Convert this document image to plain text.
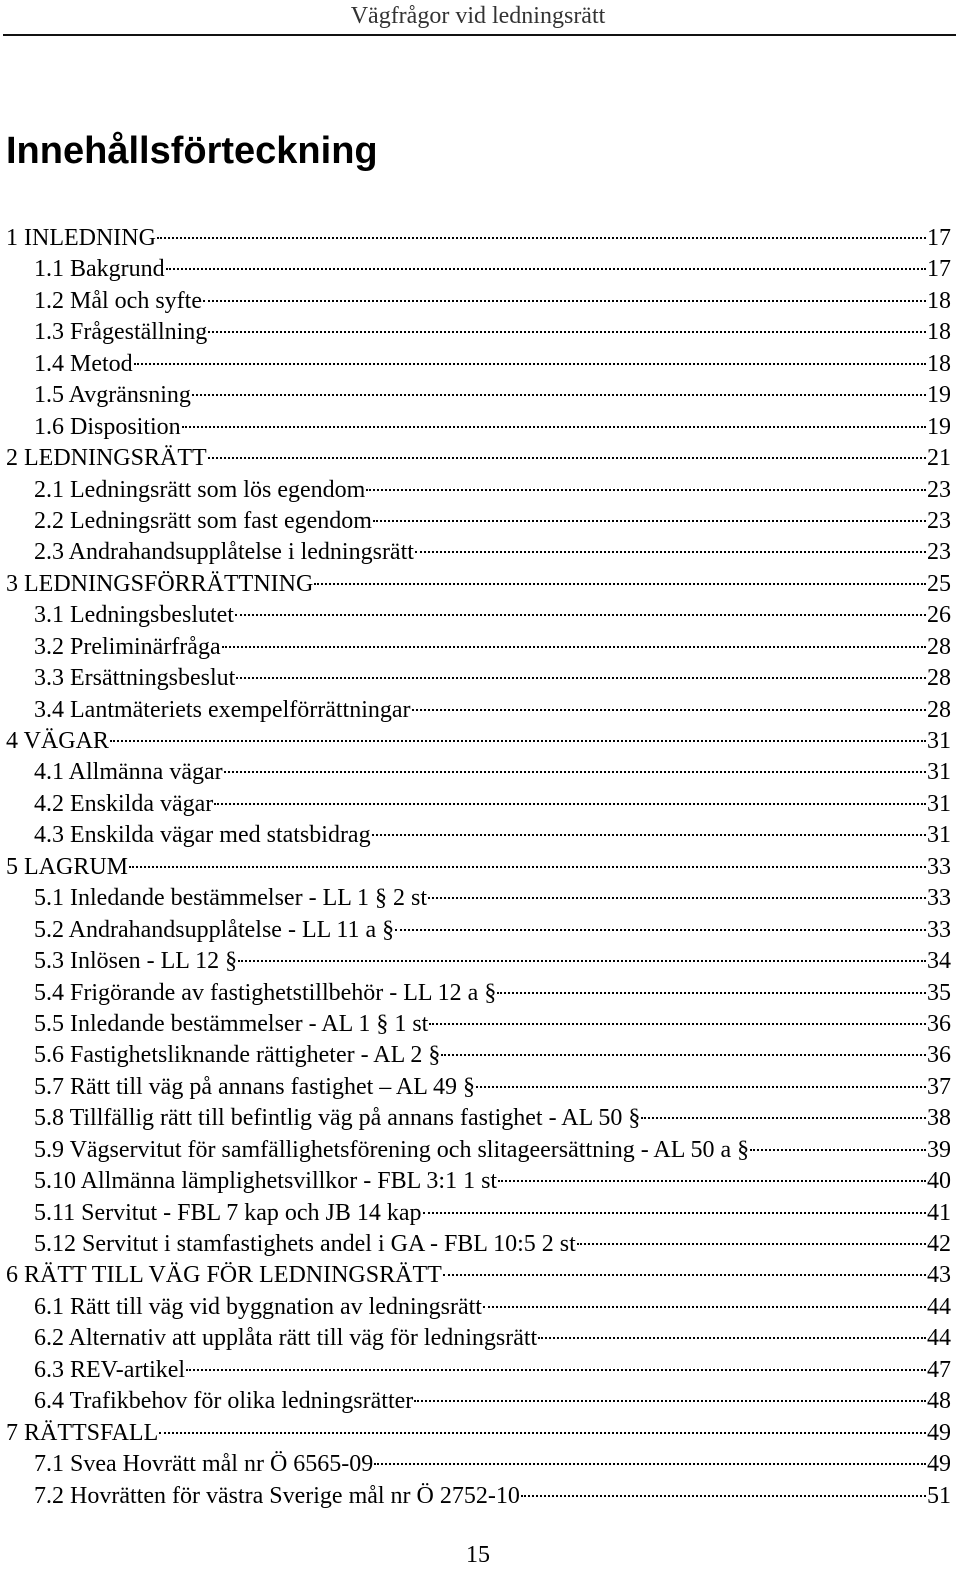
Vägfrågor vid ledningsrätt
Innehållsförteckning
1 INLEDNING	17
1.1 Bakgrund	17
1.2 Mål och syfte	18
1.3 Frågeställning	18
1.4 Metod	18
1.5 Avgränsning	19
1.6 Disposition	19
2 LEDNINGSRÄTT	21
2.1 Ledningsrätt som lös egendom	23
2.2 Ledningsrätt som fast egendom	23
2.3 Andrahandsupplåtelse i ledningsrätt	23
3 LEDNINGSFÖRRÄTTNING	25
3.1 Ledningsbeslutet	26
3.2 Preliminärfråga	28
3.3 Ersättningsbeslut	28
3.4 Lantmäteriets exempelförrättningar	28
4 VÄGAR	31
4.1 Allmänna vägar	31
4.2 Enskilda vägar	31
4.3 Enskilda vägar med statsbidrag	31
5 LAGRUM	33
5.1 Inledande bestämmelser - LL 1 § 2 st	33
5.2 Andrahandsupplåtelse - LL 11 a §	33
5.3 Inlösen - LL 12 §	34
5.4 Frigörande av fastighetstillbehör - LL 12 a §	35
5.5 Inledande bestämmelser - AL 1 § 1 st	36
5.6 Fastighetsliknande rättigheter - AL 2 §	36
5.7 Rätt till väg på annans fastighet – AL 49 §	37
5.8 Tillfällig rätt till befintlig väg på annans fastighet - AL 50 §	38
5.9 Vägservitut för samfällighetsförening och slitageersättning - AL 50 a §	39
5.10 Allmänna lämplighetsvillkor - FBL 3:1 1 st	40
5.11 Servitut - FBL 7 kap och JB 14 kap	41
5.12 Servitut i stamfastighets andel i GA - FBL 10:5 2 st	42
6 RÄTT TILL VÄG FÖR LEDNINGSRÄTT	43
6.1 Rätt till väg vid byggnation av ledningsrätt	44
6.2 Alternativ att upplåta rätt till väg för ledningsrätt	44
6.3 REV-artikel	47
6.4 Trafikbehov för olika ledningsrätter	48
7 RÄTTSFALL	49
7.1 Svea Hovrätt mål nr Ö 6565-09	49
7.2 Hovrätten för västra Sverige mål nr Ö 2752-10	51
15
